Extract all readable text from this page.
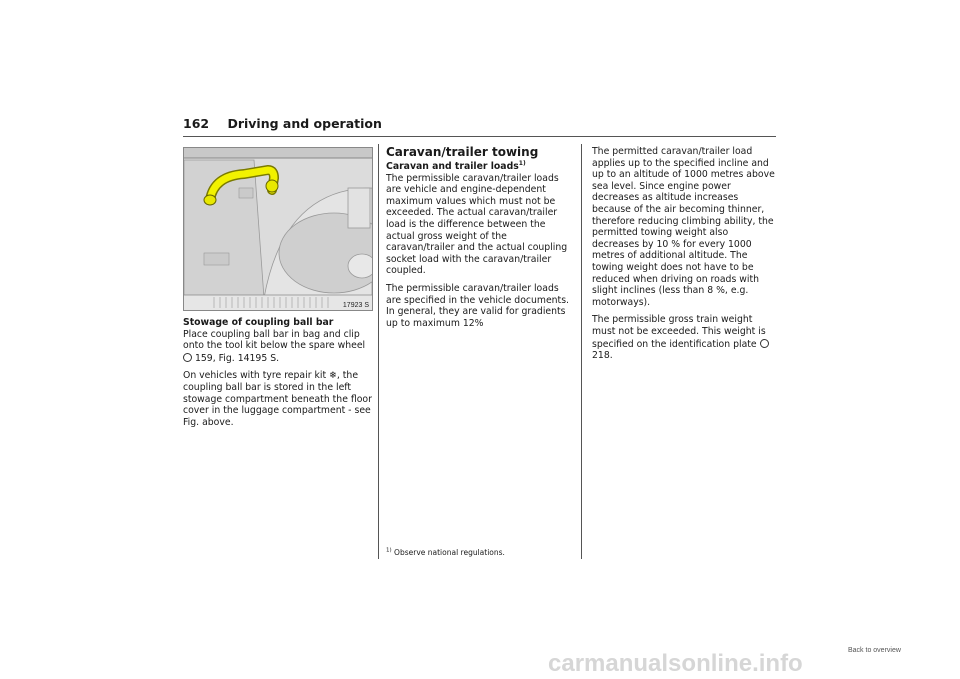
162 Driving and operation
17923 S
Stowage of coupling ball bar

Place coupling ball bar in bag and clip onto the tool kit below the spare wheel  159, Fig. 14195 S.

On vehicles with tyre repair kit ❄, the coupling ball bar is stored in the left stowage compartment beneath the floor cover in the luggage compartment - see Fig. above.

Caravan/trailer towing
Caravan and trailer loads$^{1)}$

The permissible caravan/trailer loads are vehicle and engine-dependent maximum values which must not be exceeded. The actual caravan/trailer load is the difference between the actual gross weight of the caravan/trailer and the actual coupling socket load with the caravan/trailer coupled.

The permissible caravan/trailer loads are specified in the vehicle documents. In general, they are valid for gradients up to maximum 12%

The permitted caravan/trailer load applies up to the specified incline and up to an altitude of 1000 metres above sea level. Since engine power decreases as altitude increases because of the air becoming thinner, therefore reducing climbing ability, the permitted towing weight also decreases by 10 % for every 1000 metres of additional altitude. The towing weight does not have to be reduced when driving on roads with slight inclines (less than 8 %, e.g. motorways).

The permissible gross train weight must not be exceeded. This weight is specified on the identification plate  218.

$^{1)}$ Observe national regulations.
carmanualsonline.info	Back to overview
